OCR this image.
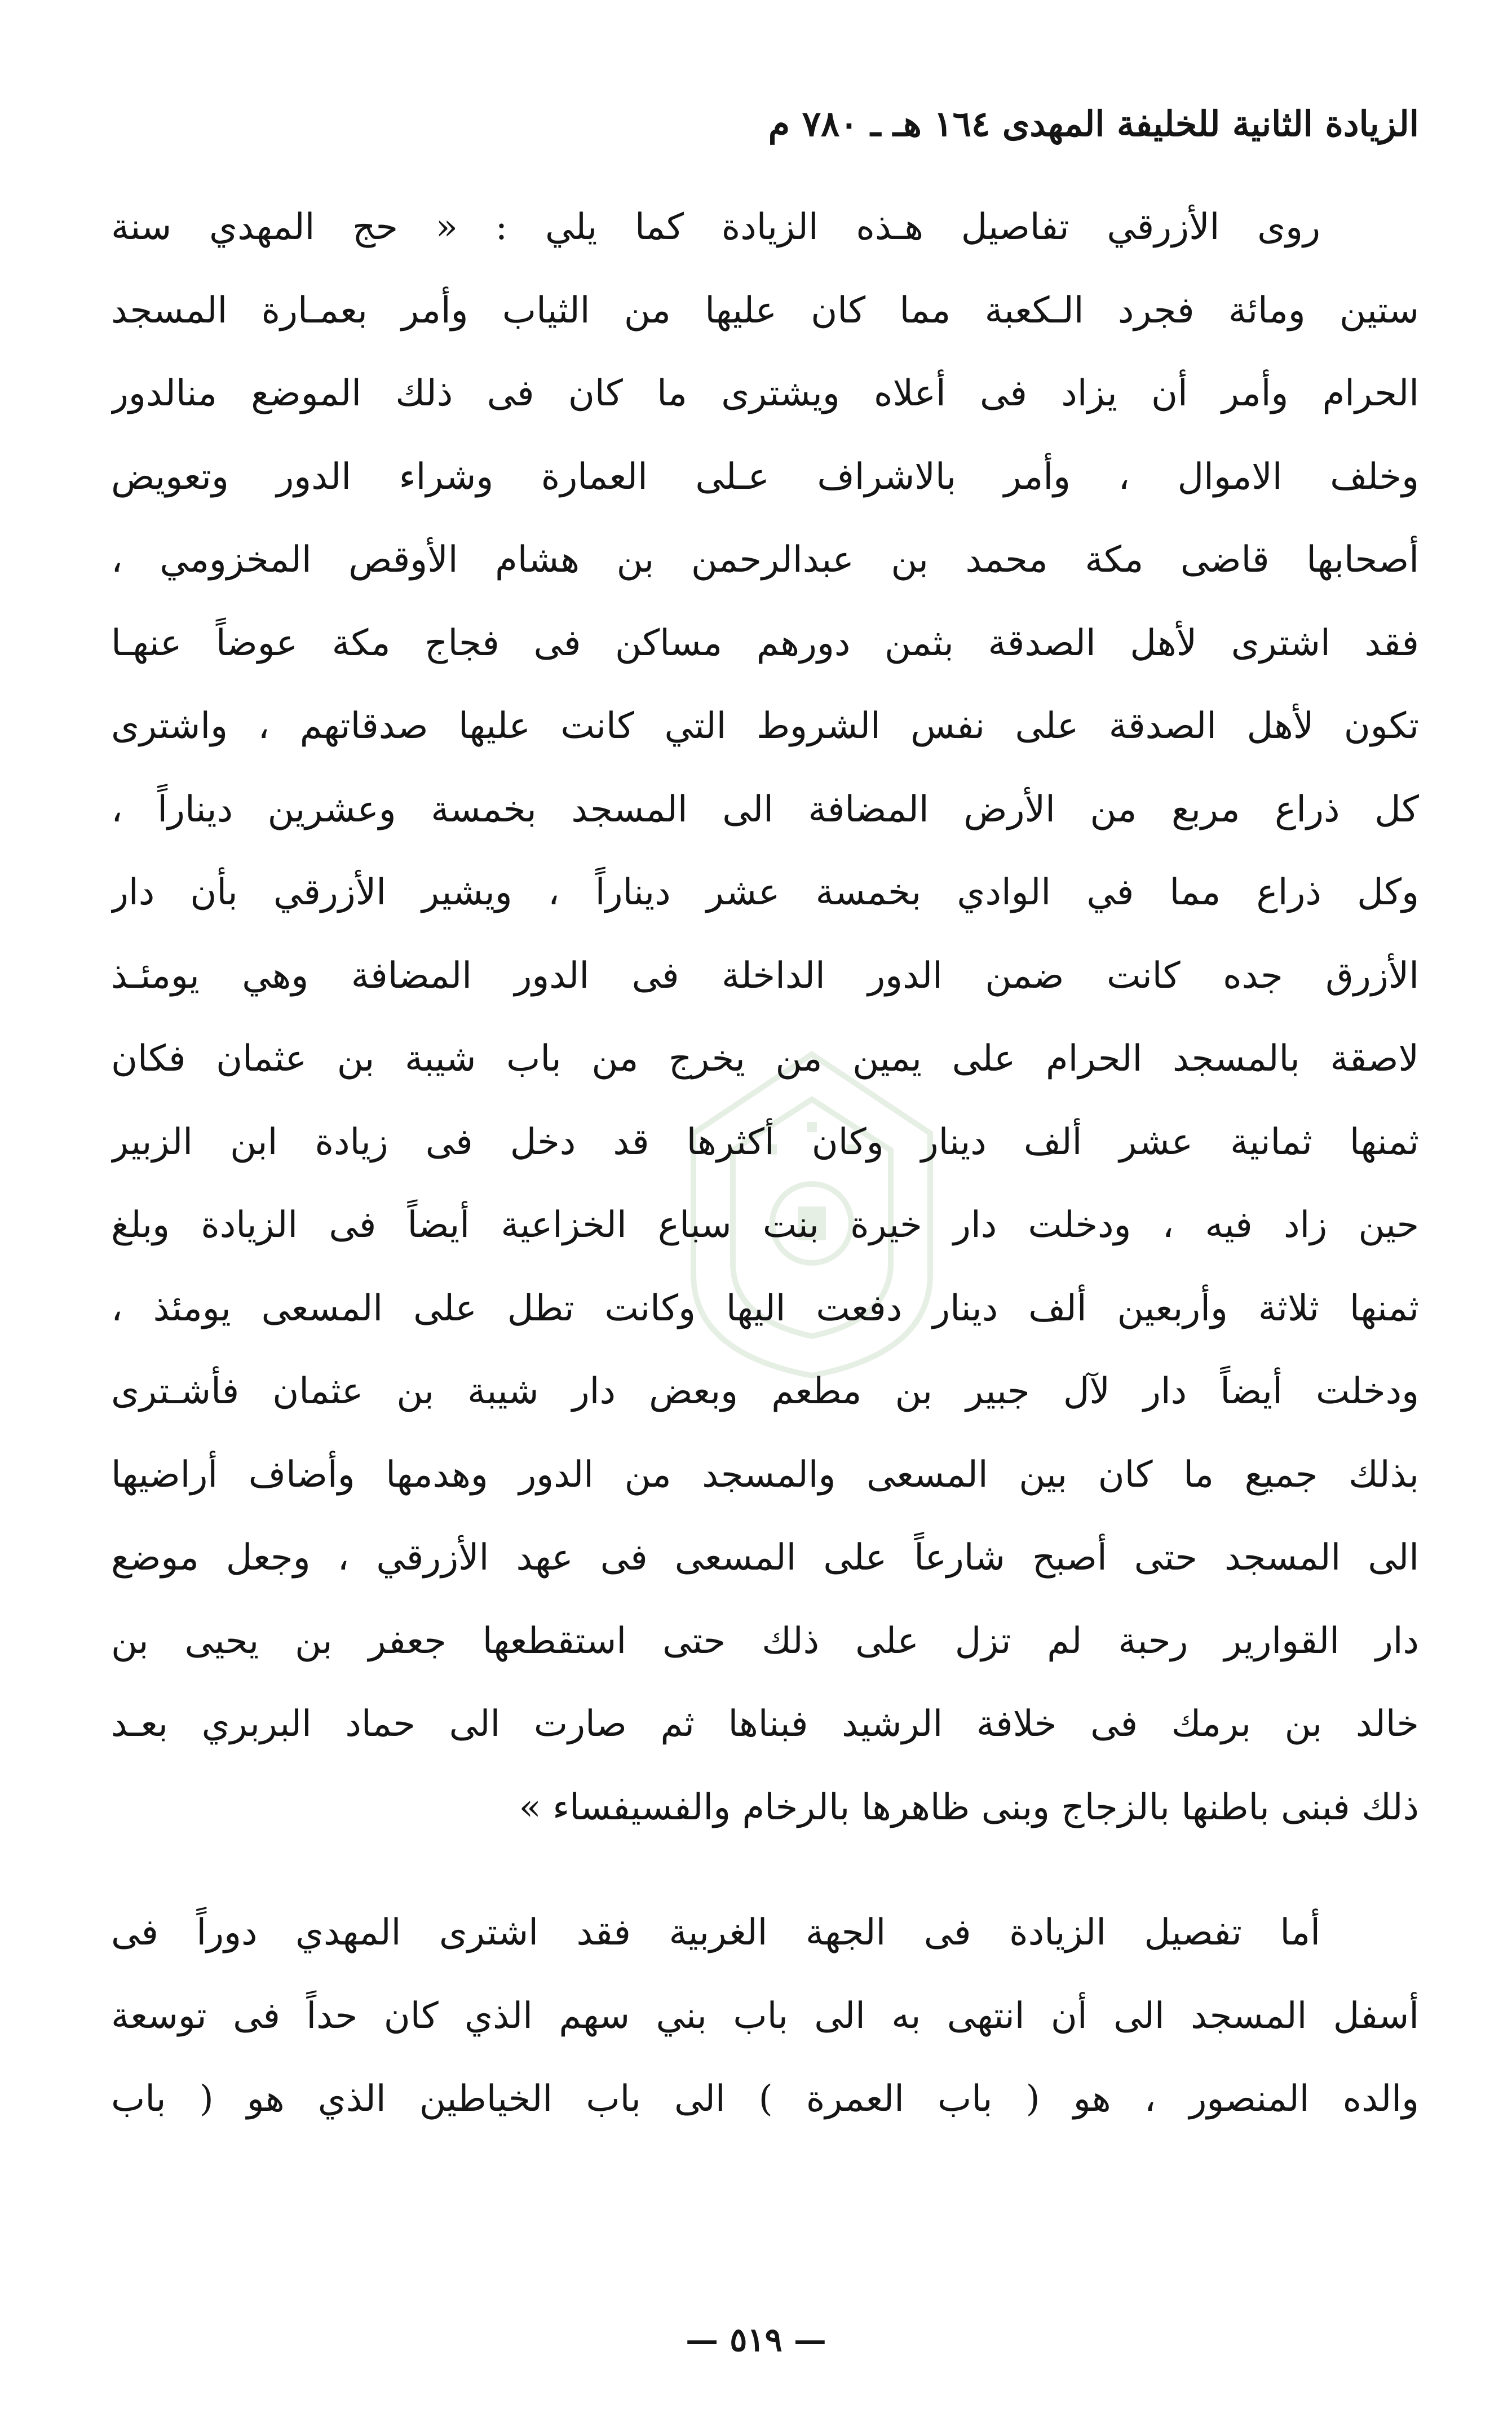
الزيادة الثانية للخليفة المهدى ١٦٤ هـ ـ ٧٨٠ م
روى الأزرقي تفاصيل هـذه الزيادة كما يلي : « حج المهدي سنة
ستين ومائة فجرد الـكعبة مما كان عليها من الثياب وأمر بعمـارة المسجد
الحرام وأمر أن يزاد فى أعلاه ويشترى ما كان فى ذلك الموضع منالدور
وخلف الاموال ، وأمر بالاشراف عـلى العمارة وشراء الدور وتعويض
أصحابها قاضى مكة محمد بن عبدالرحمن بن هشام الأوقص المخزومي ،
فقد اشترى لأهل الصدقة بثمن دورهم مساكن فى فجاج مكة عوضاً عنهـا
تكون لأهل الصدقة على نفس الشروط التي كانت عليها صدقاتهم ، واشترى
كل ذراع مربع من الأرض المضافة الى المسجد بخمسة وعشرين ديناراً ،
وكل ذراع مما في الوادي بخمسة عشر ديناراً ، ويشير الأزرقي بأن دار
الأزرق جده كانت ضمن الدور الداخلة فى الدور المضافة وهي يومئـذ
لاصقة بالمسجد الحرام على يمين من يخرج من باب شيبة بن عثمان فكان
ثمنها ثمانية عشر ألف دينار وكان أكثرها قد دخل فى زيادة ابن الزبير
حين زاد فيه ، ودخلت دار خيرة بنت سباع الخزاعية أيضاً فى الزيادة وبلغ
ثمنها ثلاثة وأربعين ألف دينار دفعت اليها وكانت تطل على المسعى يومئذ ،
ودخلت أيضاً دار لآل جبير بن مطعم وبعض دار شيبة بن عثمان فأشـترى
بذلك جميع ما كان بين المسعى والمسجد من الدور وهدمها وأضاف أراضيها
الى المسجد حتى أصبح شارعاً على المسعى فى عهد الأزرقي ، وجعل موضع
دار القوارير رحبة لم تزل على ذلك حتى استقطعها جعفر بن يحيى بن
خالد بن برمك فى خلافة الرشيد فبناها ثم صارت الى حماد البربري بعـد
ذلك فبنى باطنها بالزجاج وبنى ظاهرها بالرخام والفسيفساء »
أما تفصيل الزيادة فى الجهة الغربية فقد اشترى المهدي دوراً فى
أسفل المسجد الى أن انتهى به الى باب بني سهم الذي كان حداً فى توسعة
والده المنصور ، هو ( باب العمرة ) الى باب الخياطين الذي هو ( باب
— ٥١٩ —
